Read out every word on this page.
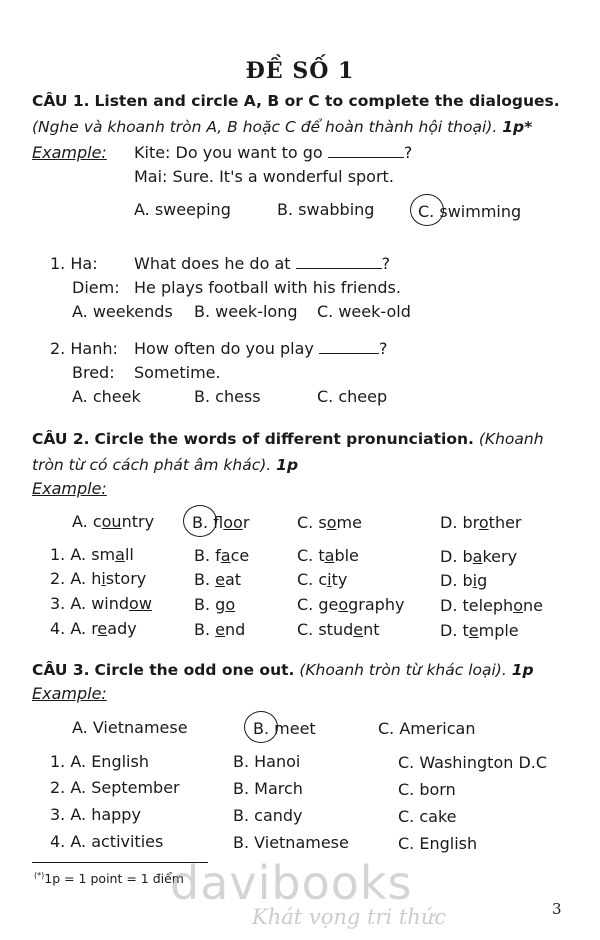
ĐỀ SỐ 1
CÂU 1. Listen and circle A, B or C to complete the dialogues.
(Nghe và khoanh tròn A, B hoặc C để hoàn thành hội thoại). 1p*
Example: Kite: Do you want to go	?
Mai: Sure. It's a wonderful sport.
A. sweeping	B. swabbing	C. swimming
1. Ha: What does he do at	?
Diem: He plays football with his friends.
A. weekends B. week-long C. week-old
2. Hanh: How often do you play	?
Bred: Sometime.
A. cheek	B. chess	C. cheep
CÂU 2. Circle the words of different pronunciation. (Khoanh
tròn từ có cách phát âm khác). 1p
Example:
A. country B. floor	C. some	D. brother
1. A. small	B. face	C. table	D. bakery
2. A. history	B. eat	C. city	D. big
3. A. window	B. go	C. geography D. telephone
4. A. ready	B. end	C. student	D. temple
CÂU 3. Circle the odd one out. (Khoanh tròn từ khác loại). 1p
Example:
A. Vietnamese	B. meet	C. American
1. A. English	B. Hanoi	C. Washington D.C
2. A. September	B. March	C. born
3. A. happy	B. candy	C. cake
4. A. activities	B. Vietnamese	C. English
(*)1p = 1 point = 1 điểm
davibooks
Khát vọng tri thức	3
